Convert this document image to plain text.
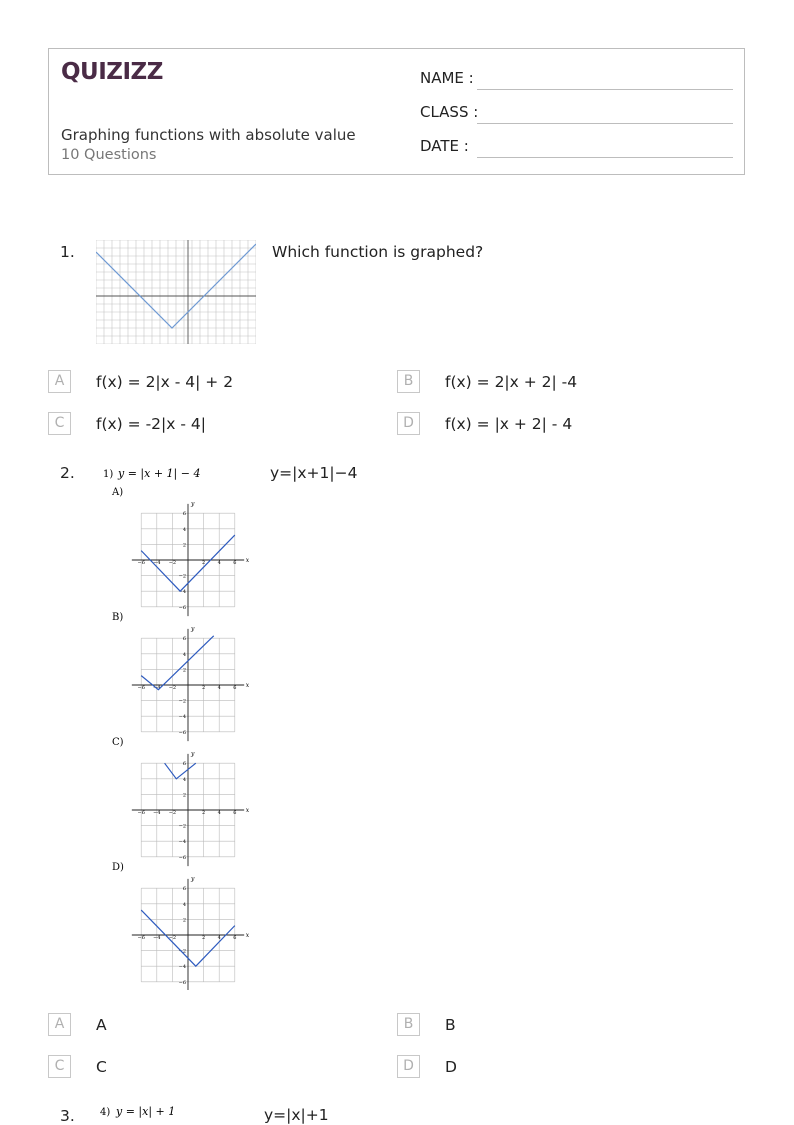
QUIZIZZ
Graphing functions with absolute value
10 Questions
NAME :
CLASS :
DATE :
1.	Which function is graphed?
A	f(x) = 2|x - 4| + 2	B	f(x) = 2|x + 2| -4
C	f(x) = -2|x - 4|	D	f(x) = |x + 2| - 4
2.	1) y = |x + 1| − 4
A)
B)
C)
D)
−6
−6
−4
−4
−2
−2
2
2
4
4
6
6
x
y
−6
−6
−4
−4
−2
−2
2
2
4
4
6
6
x
y
−6
−6
−4
−4
−2
−2
2
2
4
4
6
6
x
y
−6
−6
−4
−4
−2
−2
2
2
4
4
6
6
x
y
y=|x+1|−4
A	A	B	B
C	C	D	D
3.	4) y = |x| + 1	y=|x|+1
